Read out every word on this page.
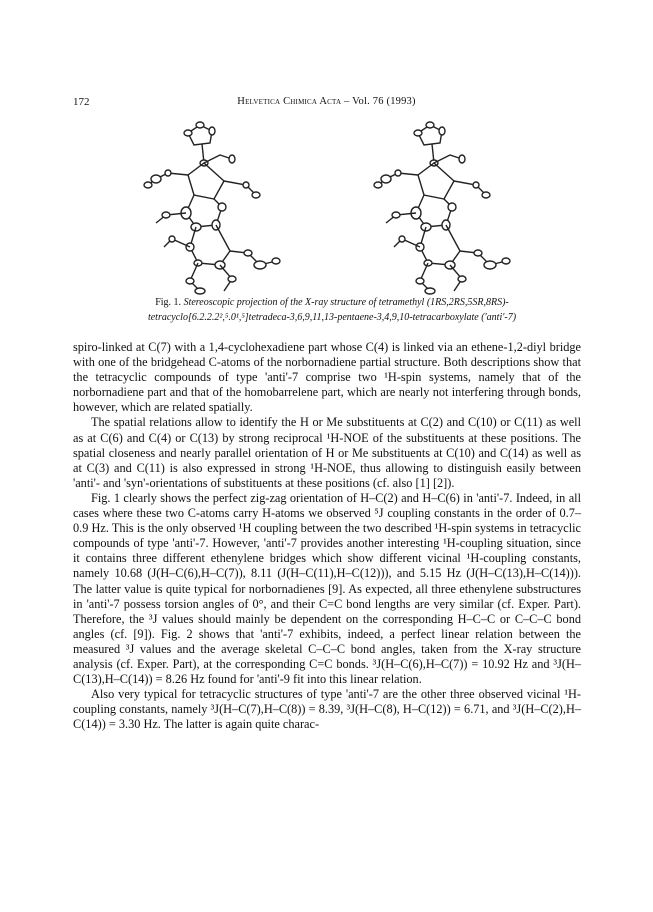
172	Helvetica Chimica Acta – Vol. 76 (1993)
Fig. 1. Stereoscopic projection of the X-ray structure of tetramethyl (1RS,2RS,5SR,8RS)-tetracyclo[6.2.2.2²,⁵.0¹,⁵]tetradeca-3,6,9,11,13-pentaene-3,4,9,10-tetracarboxylate ('anti'-7)

spiro-linked at C(7) with a 1,4-cyclohexadiene part whose C(4) is linked via an ethene-1,2-diyl bridge with one of the bridgehead C-atoms of the norbornadiene partial structure. Both descriptions show that the tetracyclic compounds of type 'anti'-7 comprise two ¹H-spin systems, namely that of the norbornadiene part and that of the homobarrelene part, which are nearly not interfering through bonds, however, which are related spatially.

The spatial relations allow to identify the H or Me substituents at C(2) and C(10) or C(11) as well as at C(6) and C(4) or C(13) by strong reciprocal ¹H-NOE of the substituents at these positions. The spatial closeness and nearly parallel orientation of H or Me substituents at C(10) and C(14) as well as at C(3) and C(11) is also expressed in strong ¹H-NOE, thus allowing to distinguish easily between 'anti'- and 'syn'-orientations of substituents at these positions (cf. also [1] [2]).

Fig. 1 clearly shows the perfect zig-zag orientation of H–C(2) and H–C(6) in 'anti'-7. Indeed, in all cases where these two C-atoms carry H-atoms we observed ⁵J coupling constants in the order of 0.7–0.9 Hz. This is the only observed ¹H coupling between the two described ¹H-spin systems in tetracyclic compounds of type 'anti'-7. However, 'anti'-7 provides another interesting ¹H-coupling situation, since it contains three different ethenylene bridges which show different vicinal ¹H-coupling constants, namely 10.68 (J(H–C(6),H–C(7)), 8.11 (J(H–C(11),H–C(12))), and 5.15 Hz (J(H–C(13),H–C(14))). The latter value is quite typical for norbornadienes [9]. As expected, all three ethenylene substructures in 'anti'-7 possess torsion angles of 0°, and their C=C bond lengths are very similar (cf. Exper. Part). Therefore, the ³J values should mainly be dependent on the corresponding H–C–C or C–C–C bond angles (cf. [9]). Fig. 2 shows that 'anti'-7 exhibits, indeed, a perfect linear relation between the measured ³J values and the average skeletal C–C–C bond angles, taken from the X-ray structure analysis (cf. Exper. Part), at the corresponding C=C bonds. ³J(H–C(6),H–C(7)) = 10.92 Hz and ³J(H–C(13),H–C(14)) = 8.26 Hz found for 'anti'-9 fit into this linear relation.

Also very typical for tetracyclic structures of type 'anti'-7 are the other three observed vicinal ¹H-coupling constants, namely ³J(H–C(7),H–C(8)) = 8.39, ³J(H–C(8), H–C(12)) = 6.71, and ³J(H–C(2),H–C(14)) = 3.30 Hz. The latter is again quite charac-
